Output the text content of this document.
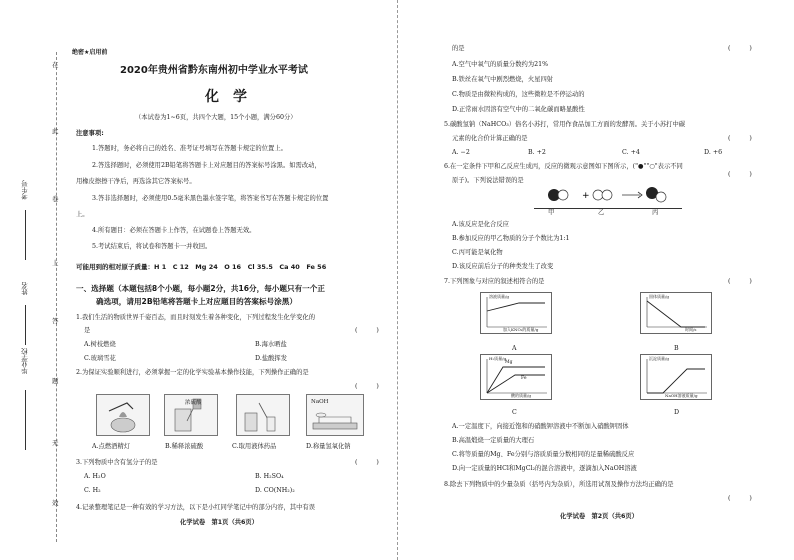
在
此
卷
上
答
题
无
效
考生号
姓名
毕业学校
绝密★启用前
2020年贵州省黔东南州初中学业水平考试
化　学
（本试卷为1~6页，共四个大题，15个小题，满分60分）
注意事项:
1.答题时，务必将自己的姓名、准考证号填写在答题卡规定的位置上。
2.答选择题时，必须使用2B铅笔将答题卡上对应题目的答案标号涂黑。如需改动，
用橡皮擦擦干净后，再选涂其它答案标号。
3.答非选择题时，必须使用0.5毫米黑色墨水签字笔，将答案书写在答题卡规定的位置
上。
4.所有题目：必须在答题卡上作答，在试题卷上答题无效。
5.考试结束后，将试卷和答题卡一并收回。
可能用到的相对原子质量：H 1　C 12　Mg 24　O 16　Cl 35.5　Ca 40　Fe 56
一、选择题（本题包括8个小题，每小题2分，共16分，每小题只有一个正
确选项，请用2B铅笔将答题卡上对应题目的答案标号涂黑）
1.我们生活的物质世界千姿百态，而且时刻发生着各种变化，下列过程发生化学变化的
是	(　　　)
A.树枝燃烧	B.海水晒盐
C.玻璃雪花	D.盐酸挥发
2.为保证实验顺利进行，必须掌握一定的化学实验基本操作技能，下列操作正确的是
(　　　)
浓硫酸	NaOH
A.点燃酒精灯	B.稀释浓硫酸	C.取用液体药品	D.称量氢氧化钠
3.下列物质中含有氢分子的是	(　　　)
A. H₂O	B. H₂SO₄
C. H₂	D. CO(NH₂)₂
4.记录整理笔记是一种有效的学习方法，以下是小红同学笔记中的部分内容，其中有误
化学试卷　第1页（共6页）
的是	(　　　)
A.空气中氧气的质量分数约为21%
B.铁丝在氧气中剧烈燃烧，火星四射
C.物质是由微粒构成的，这些微粒是不停运动的
D.正常雨水因溶有空气中的二氧化碳而略显酸性
5.碳酸氢钠（NaHCO₃）俗名小苏打，常用作食品加工方面的发酵剂。关于小苏打中碳
元素的化合价计算正确的是	(　　　)
A. −2	B. +2	C. +4	D. +6
6.在一定条件下甲和乙反应生成丙，反应的微观示意图如下图所示，("●""○"表示不同
原子)。下列说法错误的是
(　　　)
+
甲	乙	丙
A.该反应是化合反应
B.参加反应的甲乙物质的分子个数比为1:1
C.丙可能是氧化物
D.该反应前后分子的种类发生了改变
7.下列图象与对应的叙述相符合的是	(　　　)
溶液质量/g
加入KNO₃的质量/g
固体质量/g
时间/s
A	B
H₂质量/g
酸的质量/g
Mg
Fe
沉淀质量/g
NaOH溶液质量/g
C	D
A.一定温度下，向接近饱和的硝酸钾溶液中不断加入硝酸钾固体
B.高温煅烧一定质量的大理石
C.将等质量的Mg、Fe分别与溶质质量分数相同的足量稀硫酸反应
D.向一定质量的HCl和MgCl₂的混合溶液中，逐滴加入NaOH溶液
8.除去下列物质中的少量杂质（括号内为杂质），所选用试剂及操作方法均正确的是
(　　　)
化学试卷　第2页（共6页）
